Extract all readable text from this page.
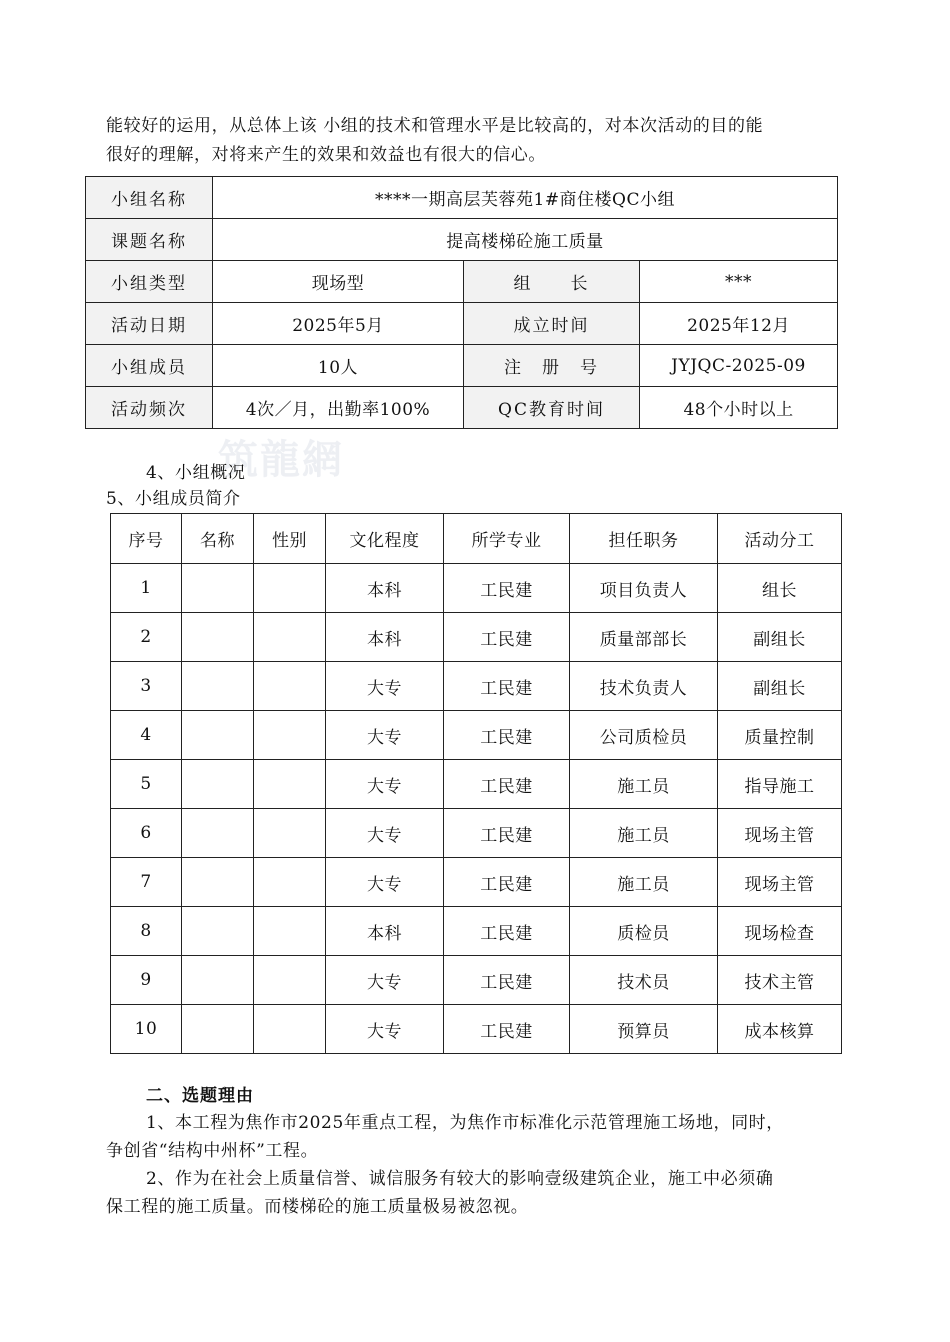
能较好的运用，从总体上该 小组的技术和管理水平是比较高的，对本次活动的目的能

很好的理解，对将来产生的效果和效益也有很大的信心。

小组名称	****一期高层芙蓉苑1#商住楼QC小组		
课题名称	提高楼梯砼施工质量		
小组类型	现场型	组　　长	***
活动日期	2025年5月	成立时间	2025年12月
小组成员	10人	注　册　号	JYJQC-2025-09
活动频次	4次／月，出勤率100%	QC教育时间	48个小时以上
筑龍網
4、小组概况
5、小组成员简介
序号	名称	性别	文化程度	所学专业	担任职务	活动分工
1			本科	工民建	项目负责人	组长
2			本科	工民建	质量部部长	副组长
3			大专	工民建	技术负责人	副组长
4			大专	工民建	公司质检员	质量控制
5			大专	工民建	施工员	指导施工
6			大专	工民建	施工员	现场主管
7			大专	工民建	施工员	现场主管
8			本科	工民建	质检员	现场检查
9			大专	工民建	技术员	技术主管
10			大专	工民建	预算员	成本核算
二、选题理由

1、本工程为焦作市2025年重点工程，为焦作市标准化示范管理施工场地，同时，

争创省“结构中州杯”工程。

2、作为在社会上质量信誉、诚信服务有较大的影响壹级建筑企业，施工中必须确

保工程的施工质量。而楼梯砼的施工质量极易被忽视。
